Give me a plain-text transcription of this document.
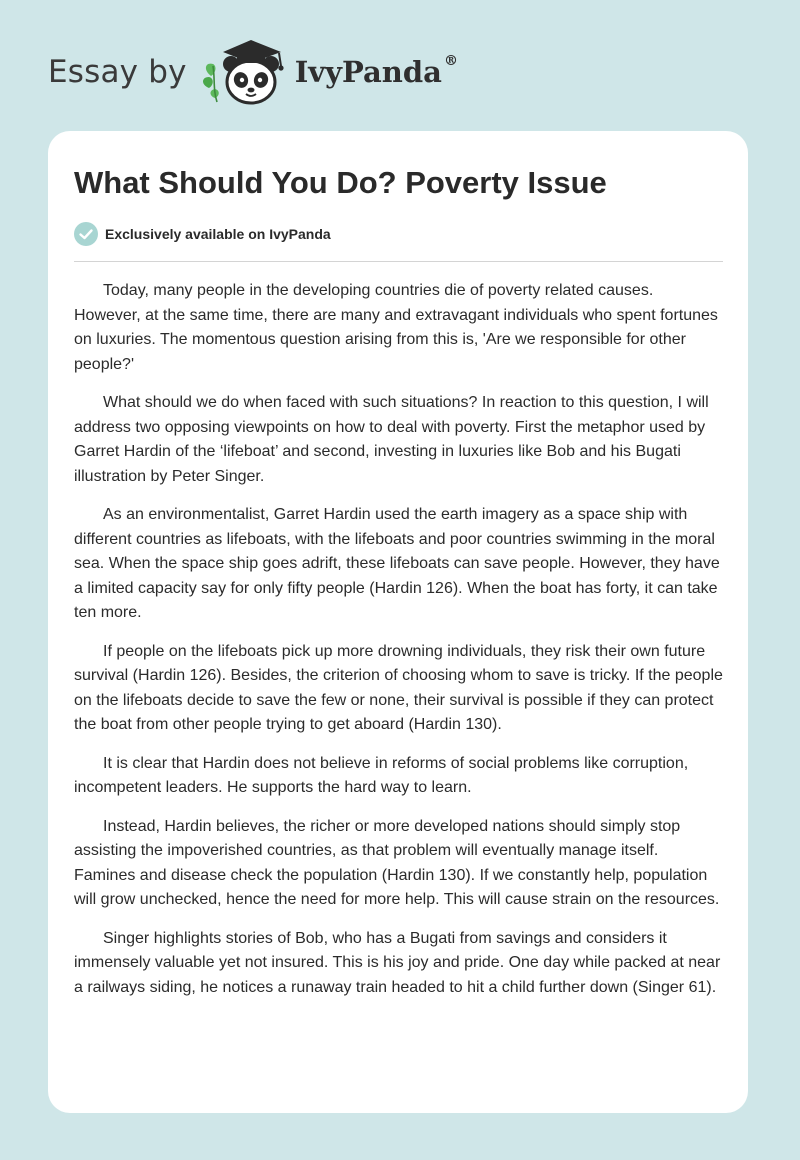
Essay by	IvyPanda ®
What Should You Do? Poverty Issue
Exclusively available on IvyPanda

Today, many people in the developing countries die of poverty related causes. However, at the same time, there are many and extravagant individuals who spent fortunes on luxuries. The momentous question arising from this is, 'Are we responsible for other people?'

What should we do when faced with such situations? In reaction to this question, I will address two opposing viewpoints on how to deal with poverty. First the metaphor used by Garret Hardin of the ‘lifeboat’ and second, investing in luxuries like Bob and his Bugati illustration by Peter Singer.

As an environmentalist, Garret Hardin used the earth imagery as a space ship with different countries as lifeboats, with the lifeboats and poor countries swimming in the moral sea. When the space ship goes adrift, these lifeboats can save people. However, they have a limited capacity say for only fifty people (Hardin 126). When the boat has forty, it can take ten more.

If people on the lifeboats pick up more drowning individuals, they risk their own future survival (Hardin 126). Besides, the criterion of choosing whom to save is tricky. If the people on the lifeboats decide to save the few or none, their survival is possible if they can protect the boat from other people trying to get aboard (Hardin 130).

It is clear that Hardin does not believe in reforms of social problems like corruption, incompetent leaders. He supports the hard way to learn.

Instead, Hardin believes, the richer or more developed nations should simply stop assisting the impoverished countries, as that problem will eventually manage itself. Famines and disease check the population (Hardin 130). If we constantly help, population will grow unchecked, hence the need for more help. This will cause strain on the resources.

Singer highlights stories of Bob, who has a Bugati from savings and considers it immensely valuable yet not insured. This is his joy and pride. One day while packed at near a railways siding, he notices a runaway train headed to hit a child further down (Singer 61).
